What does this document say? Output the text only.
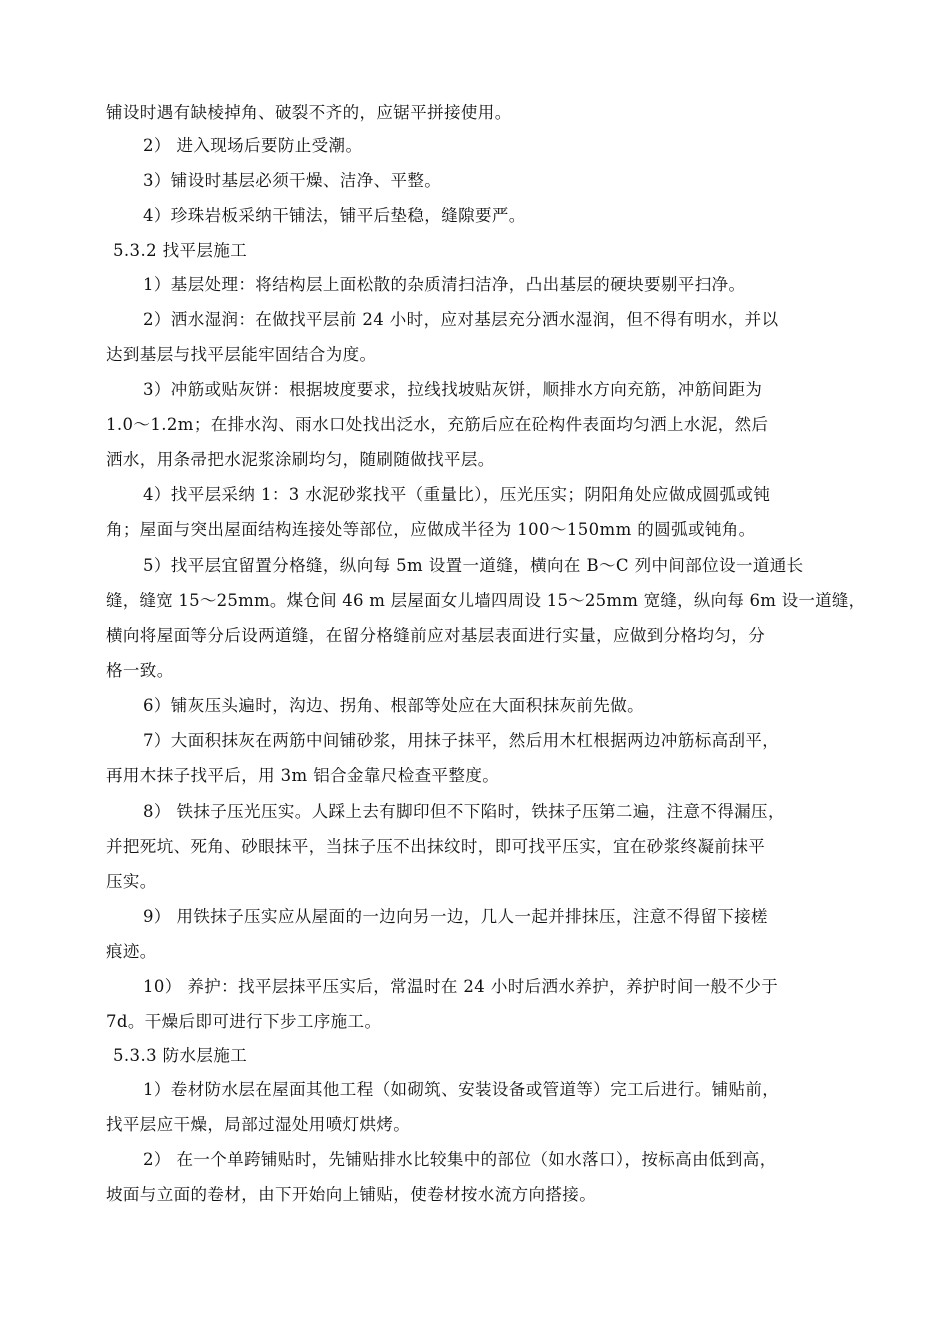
铺设时遇有缺棱掉角、破裂不齐的，应锯平拼接使用。
2） 进入现场后要防止受潮。
3）铺设时基层必须干燥、洁净、平整。
4）珍珠岩板采纳干铺法，铺平后垫稳，缝隙要严。
5.3.2 找平层施工
1）基层处理：将结构层上面松散的杂质清扫洁净，凸出基层的硬块要剔平扫净。
2）洒水湿润：在做找平层前 24 小时，应对基层充分洒水湿润，但不得有明水，并以
达到基层与找平层能牢固结合为度。
3）冲筋或贴灰饼：根据坡度要求，拉线找坡贴灰饼，顺排水方向充筋，冲筋间距为
1.0～1.2m；在排水沟、雨水口处找出泛水，充筋后应在砼构件表面均匀洒上水泥，然后
洒水，用条帚把水泥浆涂刷均匀，随刷随做找平层。
4）找平层采纳 1：3 水泥砂浆找平（重量比），压光压实；阴阳角处应做成圆弧或钝
角；屋面与突出屋面结构连接处等部位，应做成半径为 100～150mm 的圆弧或钝角。
5）找平层宜留置分格缝，纵向每 5m 设置一道缝，横向在 B～C 列中间部位设一道通长
缝，缝宽 15～25mm。煤仓间 46 m 层屋面女儿墙四周设 15～25mm 宽缝，纵向每 6m 设一道缝，
横向将屋面等分后设两道缝，在留分格缝前应对基层表面进行实量，应做到分格均匀，分
格一致。
6）铺灰压头遍时，沟边、拐角、根部等处应在大面积抹灰前先做。
7）大面积抹灰在两筋中间铺砂浆，用抹子抹平，然后用木杠根据两边冲筋标高刮平，
再用木抹子找平后，用 3m 铝合金靠尺检查平整度。
8） 铁抹子压光压实。人踩上去有脚印但不下陷时，铁抹子压第二遍，注意不得漏压，
并把死坑、死角、砂眼抹平，当抹子压不出抹纹时，即可找平压实，宜在砂浆终凝前抹平
压实。
9） 用铁抹子压实应从屋面的一边向另一边，几人一起并排抹压，注意不得留下接槎
痕迹。
10） 养护：找平层抹平压实后，常温时在 24 小时后洒水养护，养护时间一般不少于
7d。干燥后即可进行下步工序施工。
5.3.3 防水层施工
1）卷材防水层在屋面其他工程（如砌筑、安装设备或管道等）完工后进行。铺贴前，
找平层应干燥，局部过湿处用喷灯烘烤。
2） 在一个单跨铺贴时，先铺贴排水比较集中的部位（如水落口），按标高由低到高，
坡面与立面的卷材，由下开始向上铺贴，使卷材按水流方向搭接。
